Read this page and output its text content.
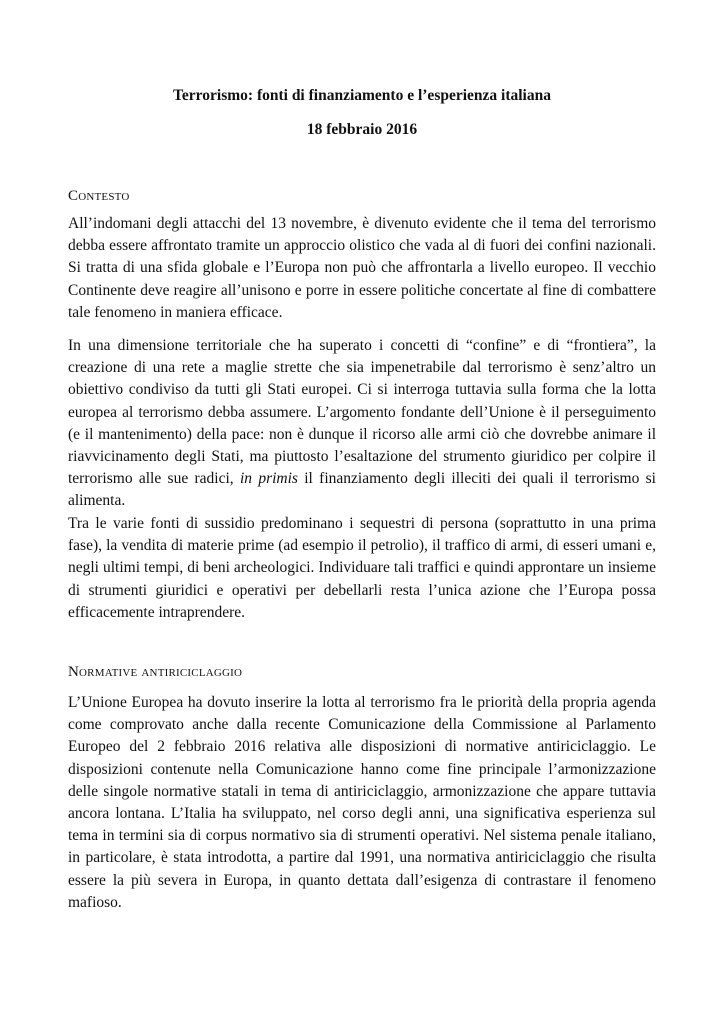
Terrorismo: fonti di finanziamento e l’esperienza italiana
18 febbraio 2016
Contesto

All’indomani degli attacchi del 13 novembre, è divenuto evidente che il tema del terrorismo debba essere affrontato tramite un approccio olistico che vada al di fuori dei confini nazionali. Si tratta di una sfida globale e l’Europa non può che affrontarla a livello europeo. Il vecchio Continente deve reagire all’unisono e porre in essere politiche concertate al fine di combattere tale fenomeno in maniera efficace.

In una dimensione territoriale che ha superato i concetti di “confine” e di “frontiera”, la creazione di una rete a maglie strette che sia impenetrabile dal terrorismo è senz’altro un obiettivo condiviso da tutti gli Stati europei. Ci si interroga tuttavia sulla forma che la lotta europea al terrorismo debba assumere. L’argomento fondante dell’Unione è il perseguimento (e il mantenimento) della pace: non è dunque il ricorso alle armi ciò che dovrebbe animare il riavvicinamento degli Stati, ma piuttosto l’esaltazione del strumento giuridico per colpire il terrorismo alle sue radici, in primis il finanziamento degli illeciti dei quali il terrorismo si alimenta.

Tra le varie fonti di sussidio predominano i sequestri di persona (soprattutto in una prima fase), la vendita di materie prime (ad esempio il petrolio), il traffico di armi, di esseri umani e, negli ultimi tempi, di beni archeologici. Individuare tali traffici e quindi approntare un insieme di strumenti giuridici e operativi per debellarli resta l’unica azione che l’Europa possa efficacemente intraprendere.

Normative antiriciclaggio

L’Unione Europea ha dovuto inserire la lotta al terrorismo fra le priorità della propria agenda come comprovato anche dalla recente Comunicazione della Commissione al Parlamento Europeo del 2 febbraio 2016 relativa alle disposizioni di normative antiriciclaggio. Le disposizioni contenute nella Comunicazione hanno come fine principale l’armonizzazione delle singole normative statali in tema di antiriciclaggio, armonizzazione che appare tuttavia ancora lontana. L’Italia ha sviluppato, nel corso degli anni, una significativa esperienza sul tema in termini sia di corpus normativo sia di strumenti operativi. Nel sistema penale italiano, in particolare, è stata introdotta, a partire dal 1991, una normativa antiriciclaggio che risulta essere la più severa in Europa, in quanto dettata dall’esigenza di contrastare il fenomeno mafioso.
